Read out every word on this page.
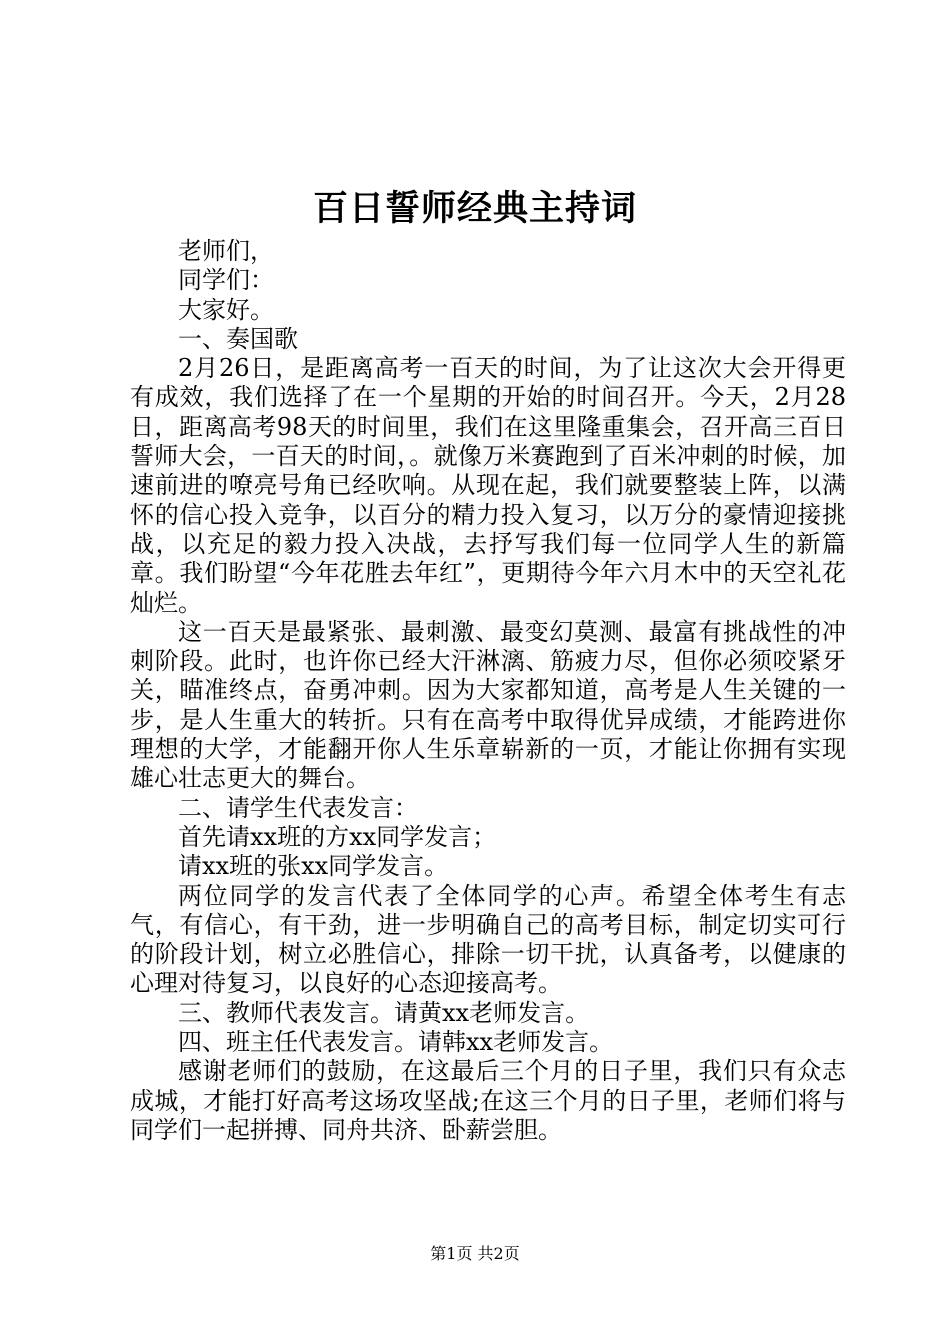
百日誓师经典主持词

老师们，

同学们：

大家好。

一、奏国歌

2月26日，是距离高考一百天的时间，为了让这次大会开得更有成效，我们选择了在一个星期的开始的时间召开。今天，2月28日，距离高考98天的时间里，我们在这里隆重集会，召开高三百日誓师大会，一百天的时间，。就像万米赛跑到了百米冲刺的时候，加速前进的嘹亮号角已经吹响。从现在起，我们就要整装上阵，以满怀的信心投入竞争，以百分的精力投入复习，以万分的豪情迎接挑战，以充足的毅力投入决战，去抒写我们每一位同学人生的新篇章。我们盼望“今年花胜去年红”，更期待今年六月木中的天空礼花灿烂。

这一百天是最紧张、最刺激、最变幻莫测、最富有挑战性的冲刺阶段。此时，也许你已经大汗淋漓、筋疲力尽，但你必须咬紧牙关，瞄准终点，奋勇冲刺。因为大家都知道，高考是人生关键的一步，是人生重大的转折。只有在高考中取得优异成绩，才能跨进你理想的大学，才能翻开你人生乐章崭新的一页，才能让你拥有实现雄心壮志更大的舞台。

二、请学生代表发言：

首先请xx班的方xx同学发言；

请xx班的张xx同学发言。

两位同学的发言代表了全体同学的心声。希望全体考生有志气，有信心，有干劲，进一步明确自己的高考目标，制定切实可行的阶段计划，树立必胜信心，排除一切干扰，认真备考，以健康的心理对待复习，以良好的心态迎接高考。

三、教师代表发言。请黄xx老师发言。

四、班主任代表发言。请韩xx老师发言。

感谢老师们的鼓励，在这最后三个月的日子里，我们只有众志成城，才能打好高考这场攻坚战;在这三个月的日子里，老师们将与同学们一起拼搏、同舟共济、卧薪尝胆。

第1页 共2页
